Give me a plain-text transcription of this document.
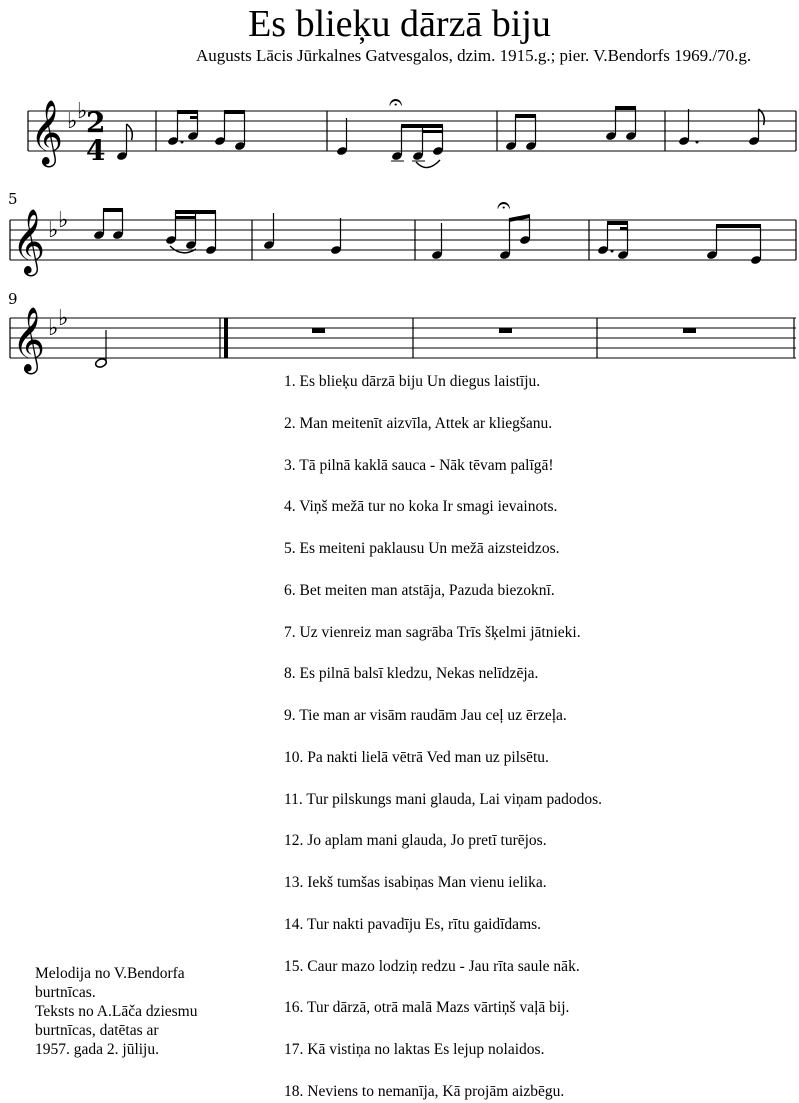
Es blieķu dārzā biju
Augusts Lācis Jūrkalnes Gatvesgalos, dzim. 1915.g.; pier. V.Bendorfs 1969./70.g.
𝄞 ♭ ♭
2
4
𝄐
5
𝄞 ♭ ♭
𝄐
9
𝄞 ♭ ♭
1. Es blieķu dārzā biju Un diegus laistīju.
2. Man meitenīt aizvīla, Attek ar kliegšanu.
3. Tā pilnā kaklā sauca - Nāk tēvam palīgā!
4. Viņš mežā tur no koka Ir smagi ievainots.
5. Es meiteni paklausu Un mežā aizsteidzos.
6. Bet meiten man atstāja, Pazuda biezoknī.
7. Uz vienreiz man sagrāba Trīs šķelmi jātnieki.
8. Es pilnā balsī kledzu, Nekas nelīdzēja.
9. Tie man ar visām raudām Jau ceļ uz ērzeļa.
10. Pa nakti lielā vētrā Ved man uz pilsētu.
11. Tur pilskungs mani glauda, Lai viņam padodos.
12. Jo aplam mani glauda, Jo pretī turējos.
13. Iekš tumšas isabiņas Man vienu ielika.
14. Tur nakti pavadīju Es, rītu gaidīdams.
15. Caur mazo lodziņ redzu - Jau rīta saule nāk.
16. Tur dārzā, otrā malā Mazs vārtiņš vaļā bij.
17. Kā vistiņa no laktas Es lejup nolaidos.
18. Neviens to nemanīja, Kā projām aizbēgu.
Melodija no V.Bendorfa
burtnīcas.
Teksts no A.Lāča dziesmu
burtnīcas, datētas ar
1957. gada 2. jūliju.
